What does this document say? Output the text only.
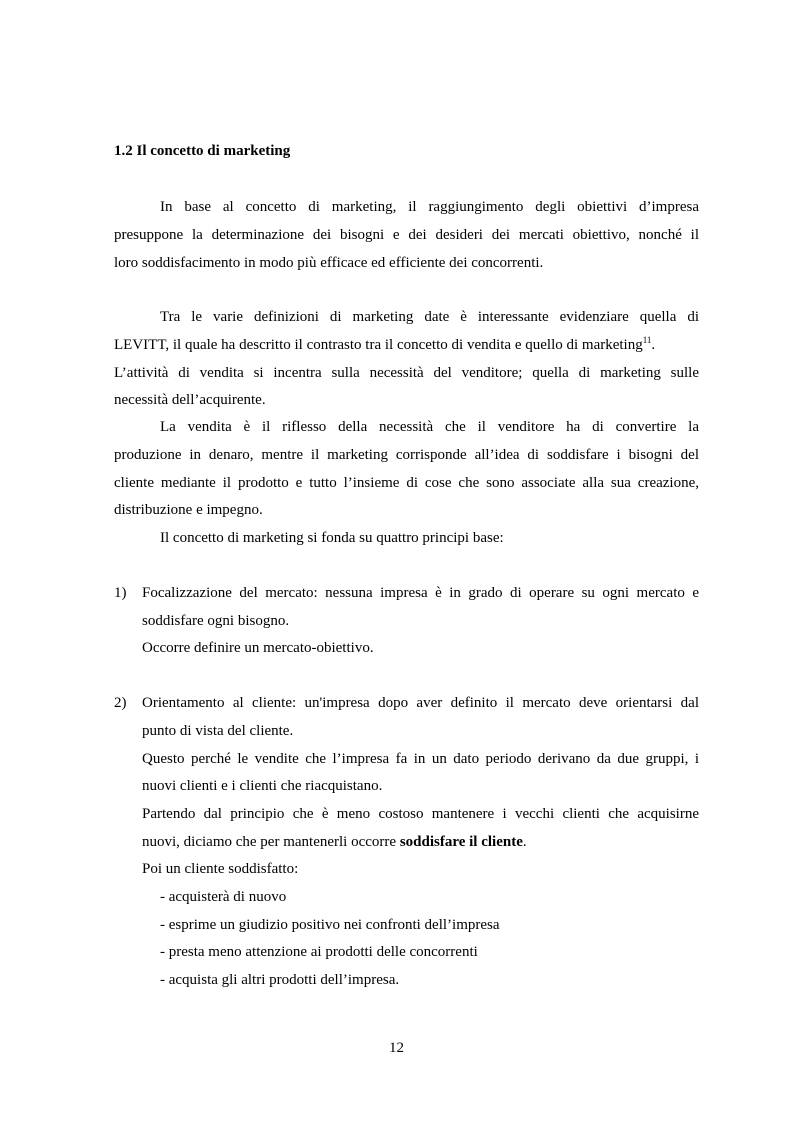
1.2 Il concetto di marketing
In base al concetto di marketing, il raggiungimento degli obiettivi d’impresa
presuppone la determinazione dei bisogni e dei desideri dei mercati obiettivo, nonché il
loro soddisfacimento in modo più efficace ed efficiente dei concorrenti.
Tra le varie definizioni di marketing date è interessante evidenziare quella di
LEVITT, il quale ha descritto il contrasto tra il concetto di vendita e quello di marketing$^{11}$.
L’attività di vendita si incentra sulla necessità del venditore; quella di marketing sulle
necessità dell’acquirente.
La vendita è il riflesso della necessità che il venditore ha di convertire la
produzione in denaro, mentre il marketing corrisponde all’idea di soddisfare i bisogni del
cliente mediante il prodotto e tutto l’insieme di cose che sono associate alla sua creazione,
distribuzione e impegno.
Il concetto di marketing si fonda su quattro principi base:
1) Focalizzazione del mercato: nessuna impresa è in grado di operare su ogni mercato e
soddisfare ogni bisogno.
Occorre definire un mercato-obiettivo.
2) Orientamento al cliente: un'impresa dopo aver definito il mercato deve orientarsi dal
punto di vista del cliente.
Questo perché le vendite che l’impresa fa in un dato periodo derivano da due gruppi, i
nuovi clienti e i clienti che riacquistano.
Partendo dal principio che è meno costoso mantenere i vecchi clienti che acquisirne
nuovi, diciamo che per mantenerli occorre soddisfare il cliente.
Poi un cliente soddisfatto:
- acquisterà di nuovo
- esprime un giudizio positivo nei confronti dell’impresa
- presta meno attenzione ai prodotti delle concorrenti
- acquista gli altri prodotti dell’impresa.
12
